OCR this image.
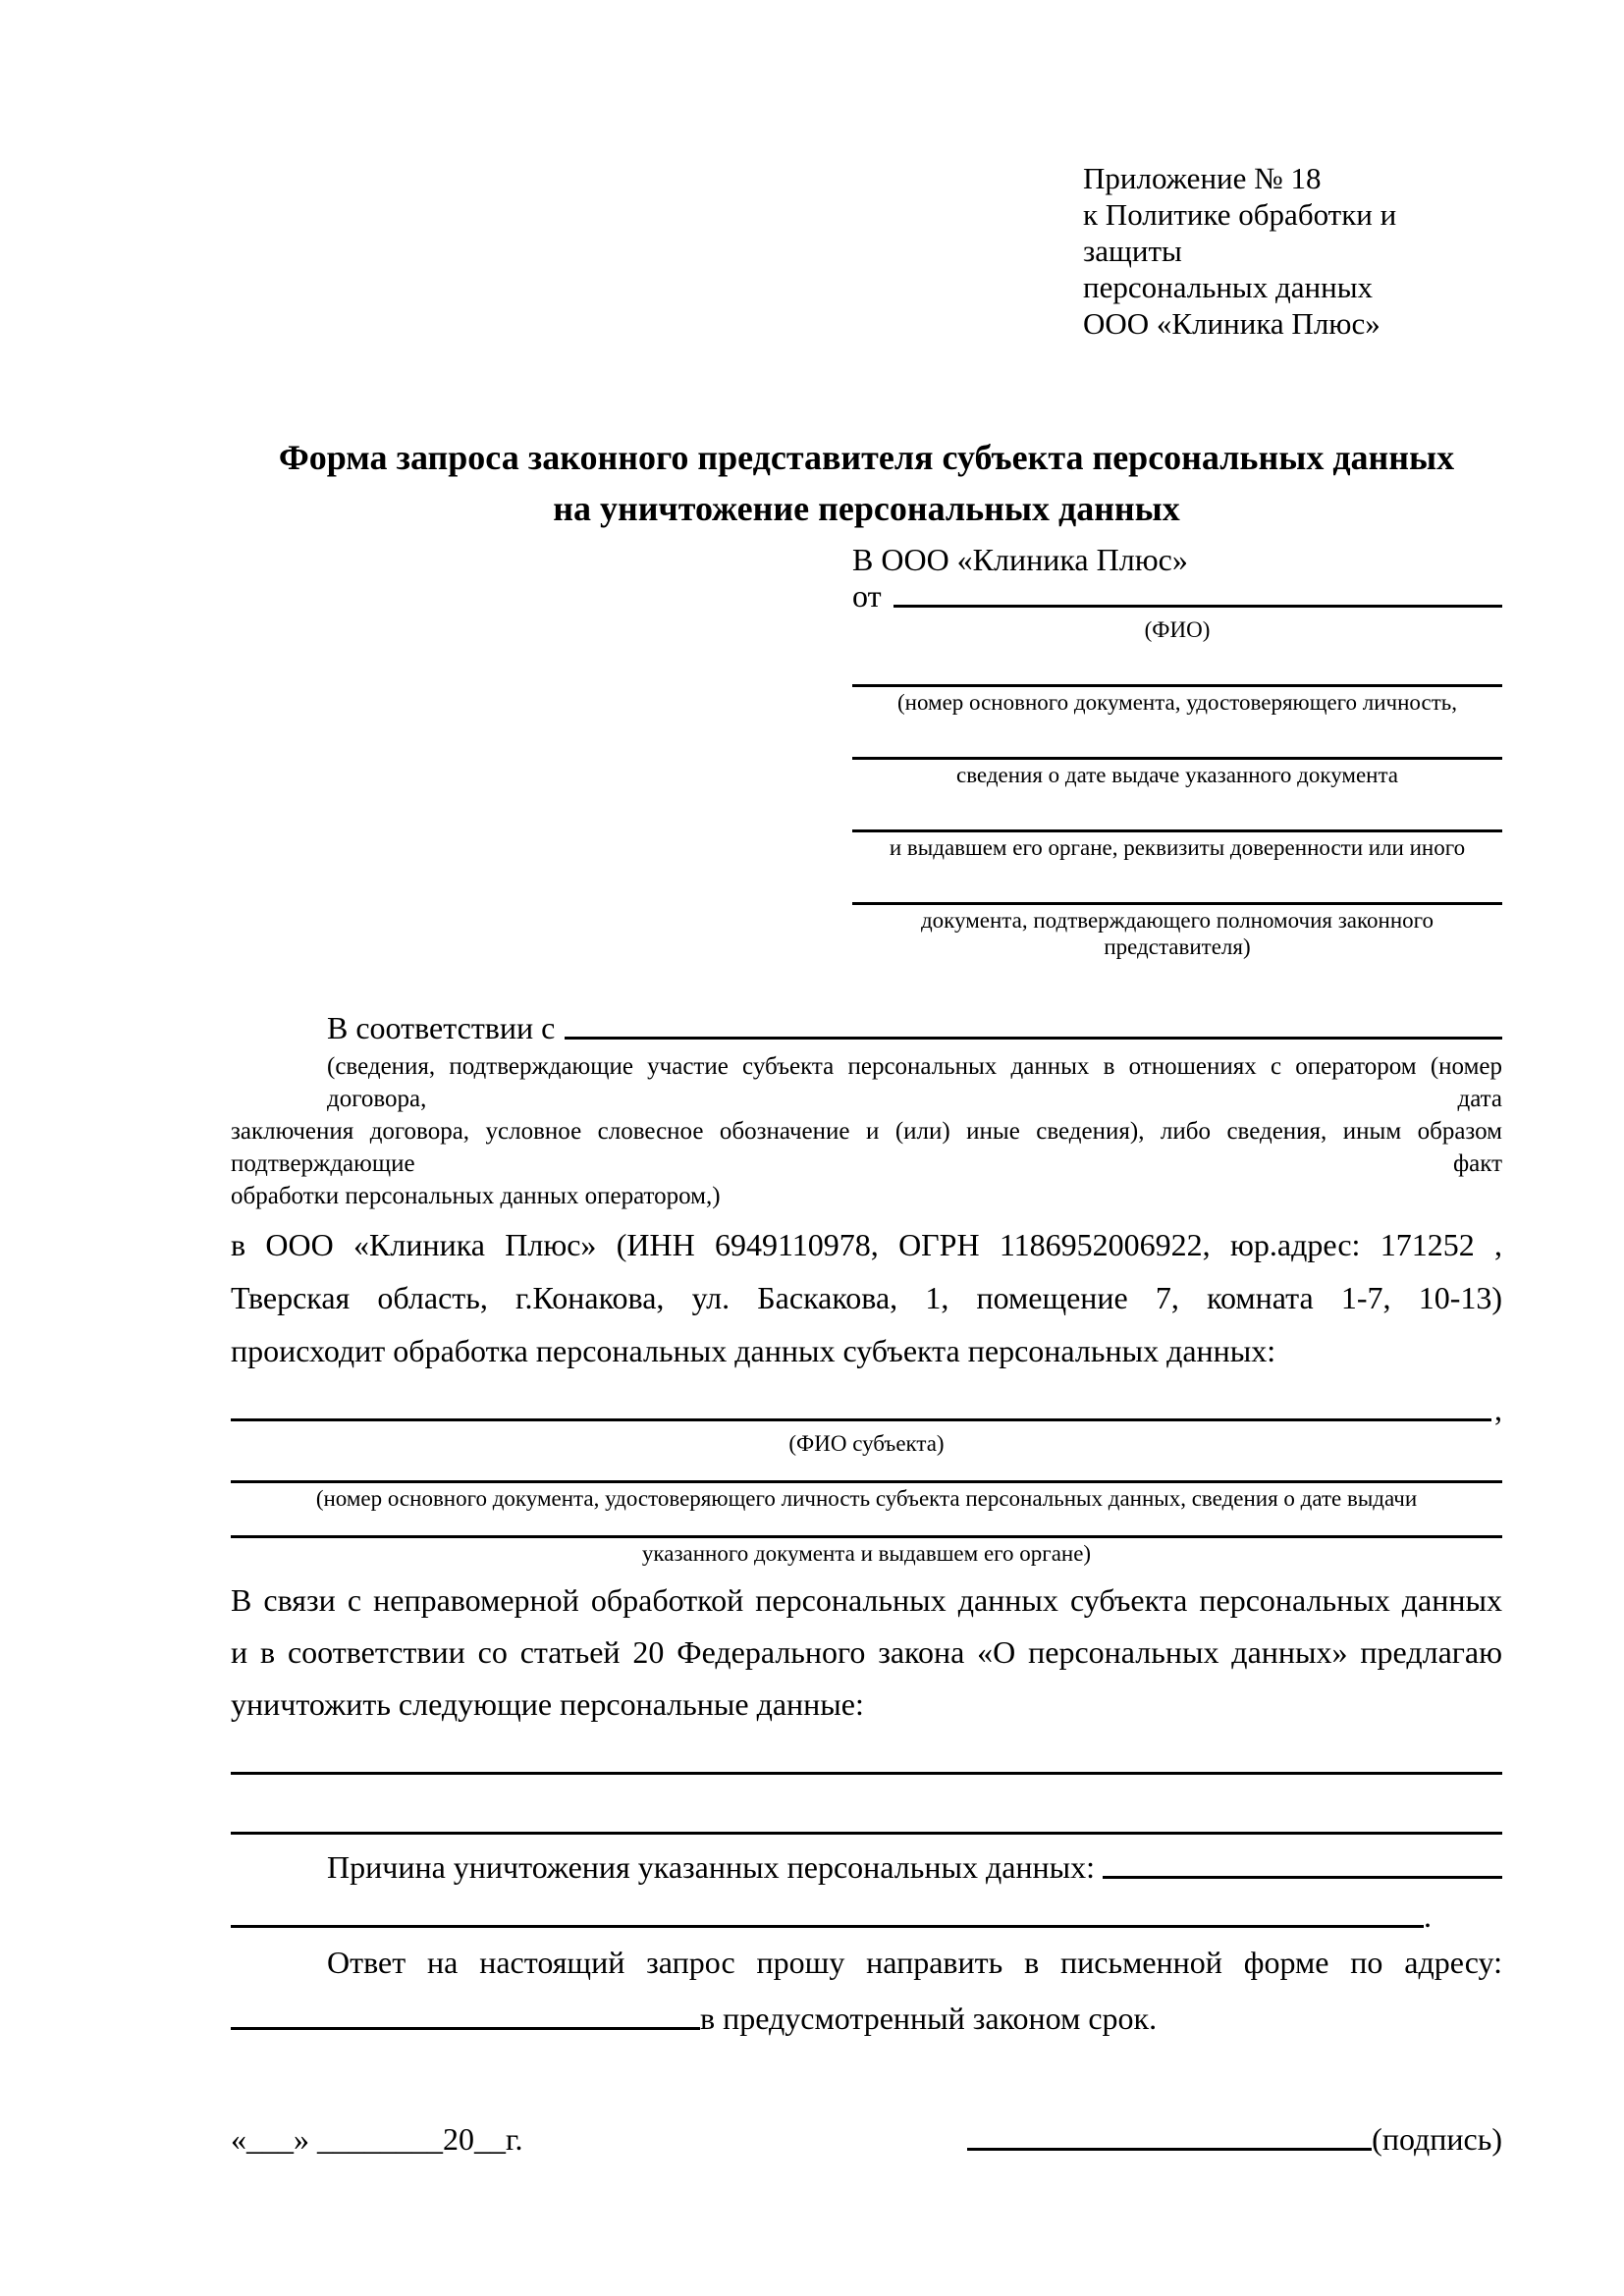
Приложение № 18
к Политике обработки и защиты
персональных данных
ООО «Клиника Плюс»
Форма запроса законного представителя субъекта персональных данных
на уничтожение персональных данных
В ООО «Клиника Плюс»
от
(ФИО)
(номер основного документа, удостоверяющего личность,
сведения о дате выдаче указанного документа
и выдавшем его органе, реквизиты доверенности или иного
документа, подтверждающего полномочия законного представителя)
В соответствии с
(сведения, подтверждающие участие субъекта персональных данных в отношениях с оператором (номер договора, дата
заключения договора, условное словесное обозначение и (или) иные сведения), либо сведения, иным образом подтверждающие факт
обработки персональных данных оператором,)
в ООО «Клиника Плюс» (ИНН 6949110978, ОГРН 1186952006922, юр.адрес: 171252 ,
Тверская область, г.Конакова, ул. Баскакова, 1, помещение 7, комната 1-7, 10-13)
происходит обработка персональных данных субъекта персональных данных:
,
(ФИО субъекта)
(номер основного документа, удостоверяющего личность субъекта персональных данных, сведения о дате выдачи
указанного документа и выдавшем его органе)
В связи с неправомерной обработкой персональных данных субъекта персональных данных
и в соответствии со статьей 20 Федерального закона «О персональных данных» предлагаю
уничтожить следующие персональные данные:
Причина уничтожения указанных персональных данных:
.
Ответ на настоящий запрос прошу направить в письменной форме по адресу:
в предусмотренный законом срок.
«___» ________20__г.	(подпись)
